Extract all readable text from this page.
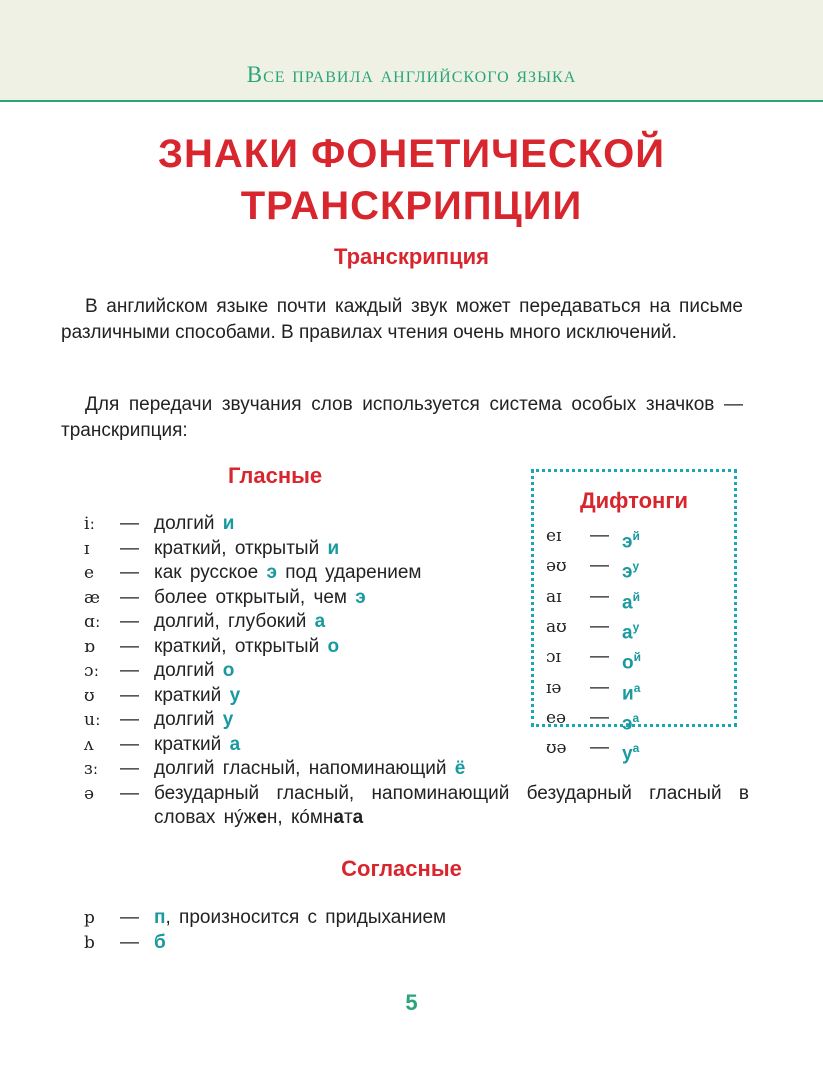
Все правила английского языка
ЗНАКИ ФОНЕТИЧЕСКОЙ
ТРАНСКРИПЦИИ
Транскрипция
В английском языке почти каждый звук может передаваться на письме различными способами. В правилах чтения очень много исключений.
Для передачи звучания слов используется система особых значков — транскрипция:
Гласные
iː	— долгий и
ɪ	— краткий, открытый и
e	— как русское э под ударением
æ	— более открытый, чем э
ɑː	— долгий, глубокий а
ɒ	— краткий, открытый о
ɔː	— долгий о
ʊ	— краткий у
uː	— долгий у
ʌ	— краткий а
ɜː	— долгий гласный, напоминающий ё
ə	— безударный гласный, напоминающий безударный гласный в словах нýжен, кóмната
Дифтонги
eɪ	— $э^й$
əʊ	— $э^у$
aɪ	— $а^й$
aʊ	— $а^у$
ɔɪ	— $о^й$
ɪə	— $и^а$
eə	— $э^а$
ʊə	— $у^а$
Согласные
p	— п, произносится с придыханием
b	— б
5
